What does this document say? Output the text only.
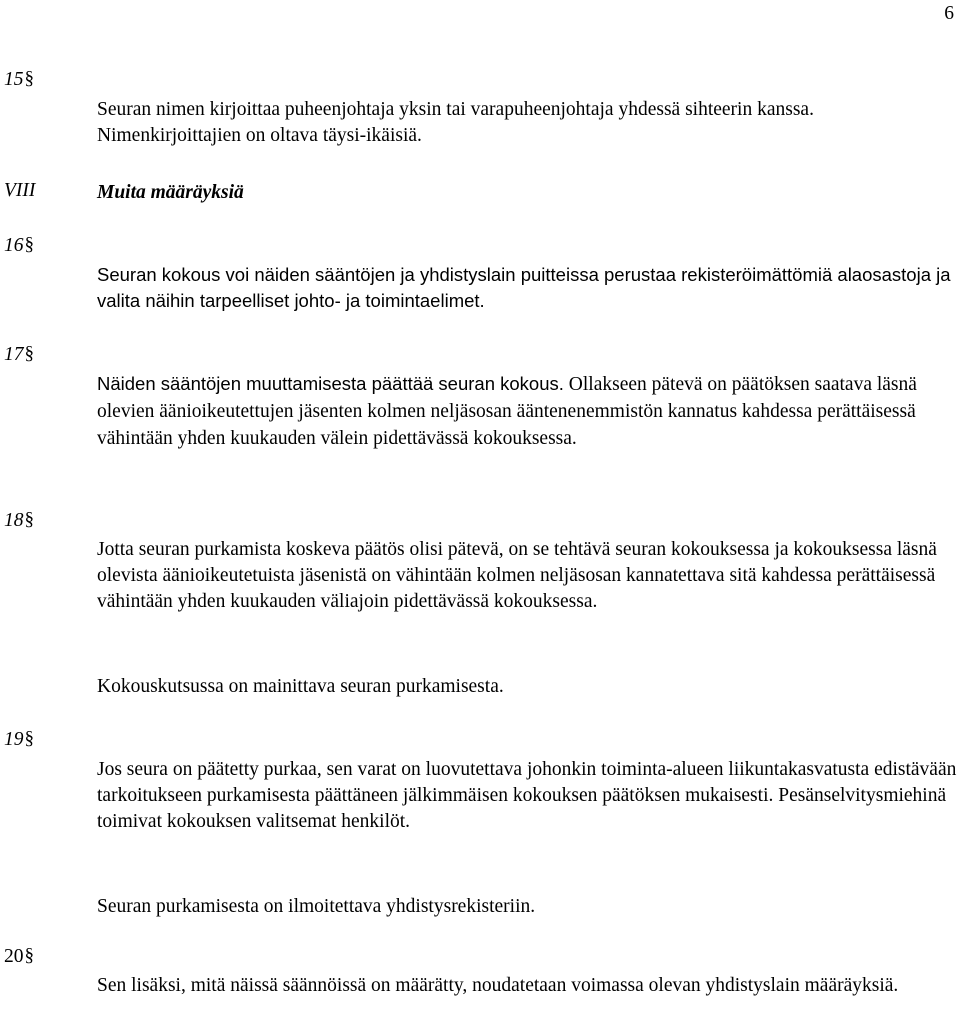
6
15§
Seuran nimen kirjoittaa puheenjohtaja yksin tai varapuheenjohtaja yhdessä sihteerin kanssa. Nimenkirjoittajien on oltava täysi-ikäisiä.
VIII	Muita määräyksiä
16§
Seuran kokous voi näiden sääntöjen ja yhdistyslain puitteissa perustaa rekisteröimättömiä alaosastoja ja valita näihin tarpeelliset johto- ja toimintaelimet.
17§
Näiden sääntöjen muuttamisesta päättää seuran kokous. Ollakseen pätevä on päätöksen saatava läsnä olevien äänioikeutettujen jäsenten kolmen neljäsosan ääntenenemmistön kannatus kahdessa perättäisessä vähintään yhden kuukauden välein pidettävässä kokouksessa.
18§
Jotta seuran purkamista koskeva päätös olisi pätevä, on se tehtävä seuran kokouksessa ja kokouksessa läsnä olevista äänioikeutetuista jäsenistä on vähintään kolmen neljäsosan kannatettava sitä kahdessa perättäisessä vähintään yhden kuukauden väliajoin pidettävässä kokouksessa.
Kokouskutsussa on mainittava seuran purkamisesta.
19§
Jos seura on päätetty purkaa, sen varat on luovutettava johonkin toiminta-alueen liikuntakasvatusta edistävään tarkoitukseen purkamisesta päättäneen jälkimmäisen kokouksen päätöksen mukaisesti. Pesänselvitysmiehinä toimivat kokouksen valitsemat henkilöt.
Seuran purkamisesta on ilmoitettava yhdistysrekisteriin.
20§
Sen lisäksi, mitä näissä säännöissä on määrätty, noudatetaan voimassa olevan yhdistyslain määräyksiä.
